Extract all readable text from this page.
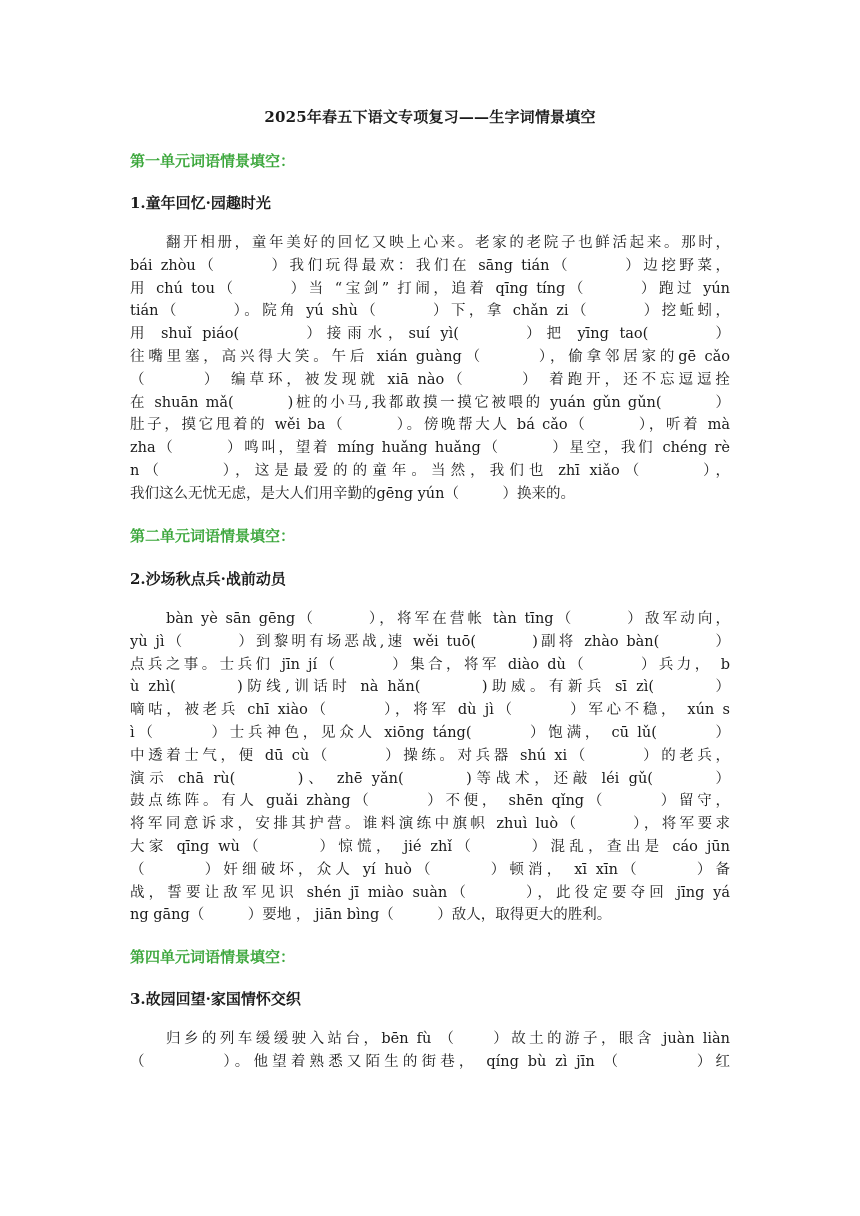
2025年春五下语文专项复习——生字词情景填空
第一单元词语情景填空：
1.童年回忆·园趣时光
翻开相册，童年美好的回忆又映上心来。老家的老院子也鲜活起来。那时，
bái zhòu（　　　）我们玩得最欢：我们在 sāng tián（　　　）边挖野菜，
用 chú tou（　　　）当 “宝剑” 打闹，追着 qīng tíng（　　　）跑过 yún
tián（　　　）。院角 yú shù（　　　）下，拿 chǎn zi（　　　）挖蚯蚓，
用 shuǐ piáo(　　　）接雨水，suí yì(　　　）把 yīng tao(　　　）
往嘴里塞，高兴得大笑。午后 xián guàng（　　　），偷拿邻居家的gē cǎo
（　　　） 编草环，被发现就 xiā nào（　　　） 着跑开，还不忘逗逗拴
在 shuān mǎ(　　　)桩的小马,我都敢摸一摸它被喂的 yuán gǔn gǔn(　　　）
肚子，摸它甩着的 wěi ba（　　　）。傍晚帮大人 bá cǎo（　　　），听着 mà
zha（　　　）鸣叫，望着 míng huǎng huǎng（　　　）星空，我们 chéng rè
n（　　　），这是最爱的的童年。当然，我们也 zhī xiǎo（　　　），
我们这么无忧无虑，是大人们用辛勤的gēng yún（　　　）换来的。
第二单元词语情景填空：
2.沙场秋点兵·战前动员
bàn yè sān gēng（　　　），将军在营帐 tàn tīng（　　　）敌军动向，
yù jì（　　　）到黎明有场恶战,速 wěi tuō(　　　)副将 zhào bàn(　　　）
点兵之事。士兵们 jīn jí（　　　）集合，将军 diào dù（　　　）兵力， b
ù zhì(　　　)防线,训话时 nà hǎn(　　　)助威。有新兵 sī zì(　　　）
嘀咕，被老兵 chī xiào（　　　），将军 dù jì（　　　）军心不稳， xún s
ì（　　　）士兵神色，见众人 xiōng táng(　　　）饱满， cū lǔ(　　　）
中透着士气，便 dū cù（　　　）操练。对兵器 shú xi（　　　）的老兵，
演示 chā rù(　　　)、 zhē yǎn(　　　)等战术，还敲 léi gǔ(　　　）
鼓点练阵。有人 guǎi zhàng（　　　）不便， shēn qǐng（　　　）留守，
将军同意诉求，安排其护营。谁料演练中旗帜 zhuì luò（　　　），将军要求
大家 qīng wù（　　　）惊慌， jié zhǐ（　　　）混乱，查出是 cáo jūn
（　　　）奸细破坏，众人 yí huò（　　　）顿消， xī xīn（　　　）备
战，誓要让敌军见识 shén jī miào suàn（　　　），此役定要夺回 jīng yá
ng gāng（　　　）要地 ， jiān bìng（　　　）敌人，取得更大的胜利。
第四单元词语情景填空：
3.故园回望·家国情怀交织
归乡的列车缓缓驶入站台，bēn fù （　　）故土的游子，眼含 juàn liàn
（　　　　）。他望着熟悉又陌生的街巷， qíng bù zì jīn （　　　　）红
